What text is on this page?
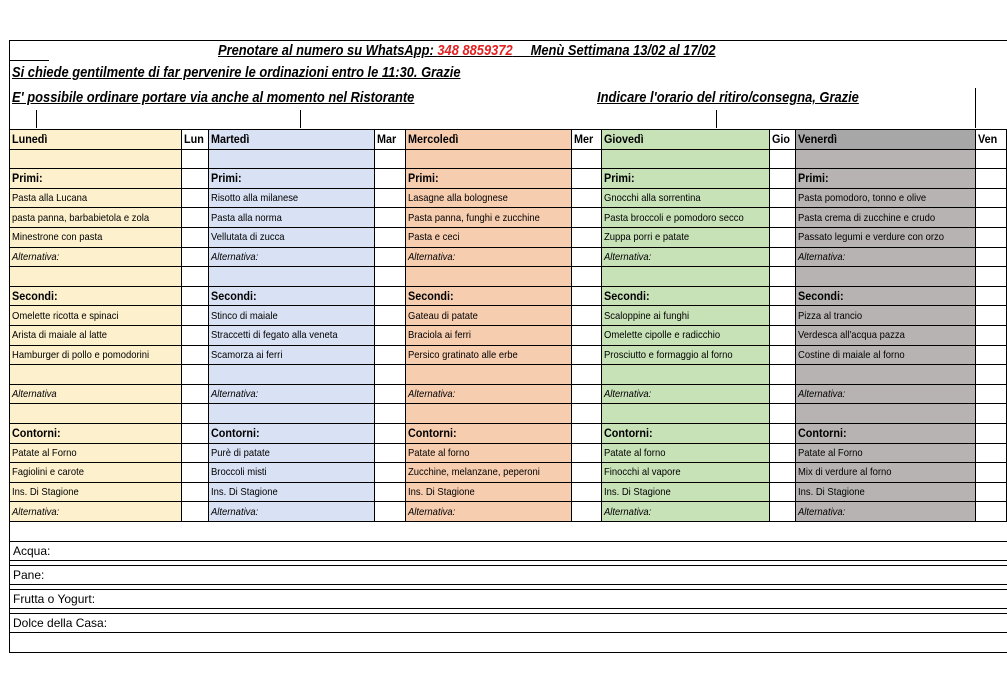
Prenotare al numero su WhatsApp: 348 8859372 Menù Settimana 13/02 al 17/02
Si chiede gentilmente di far pervenire le ordinazioni entro le 11:30. Grazie
E' possibile ordinare portare via anche al momento nel Ristorante	Indicare l'orario del ritiro/consegna, Grazie
Lunedì	Lun	Martedì	Mar	Mercoledì	Mer	Giovedì	Gio	Venerdì	Ven

Primi:		Primi:		Primi:		Primi:		Primi:	
Pasta alla Lucana		Risotto alla milanese		Lasagne alla bolognese		Gnocchi alla sorrentina		Pasta pomodoro, tonno e olive	
pasta panna, barbabietola e zola		Pasta alla norma		Pasta panna, funghi e zucchine		Pasta broccoli e pomodoro secco		Pasta crema di zucchine e crudo	
Minestrone con pasta		Vellutata di zucca		Pasta e ceci		Zuppa porri e patate		Passato legumi e verdure con orzo	
Alternativa:		Alternativa:		Alternativa:		Alternativa:		Alternativa:	

Secondi:		Secondi:		Secondi:		Secondi:		Secondi:	
Omelette ricotta e spinaci		Stinco di maiale		Gateau di patate		Scaloppine ai funghi		Pizza al trancio	
Arista di maiale al latte		Straccetti di fegato alla veneta		Braciola ai ferri		Omelette cipolle e radicchio		Verdesca all'acqua pazza	
Hamburger di pollo e pomodorini		Scamorza ai ferri		Persico gratinato alle erbe		Prosciutto e formaggio al forno		Costine di maiale al forno	

Alternativa		Alternativa:		Alternativa:		Alternativa:		Alternativa:	

Contorni:		Contorni:		Contorni:		Contorni:		Contorni:	
Patate al Forno		Purè di patate		Patate al forno		Patate al forno		Patate al Forno	
Fagiolini e carote		Broccoli misti		Zucchine, melanzane, peperoni		Finocchi al vapore		Mix di verdure al forno	
Ins. Di Stagione		Ins. Di Stagione		Ins. Di Stagione		Ins. Di Stagione		Ins. Di Stagione	
Alternativa:		Alternativa:		Alternativa:		Alternativa:		Alternativa:	

Acqua:

Pane:

Frutta o Yogurt:

Dolce della Casa:
